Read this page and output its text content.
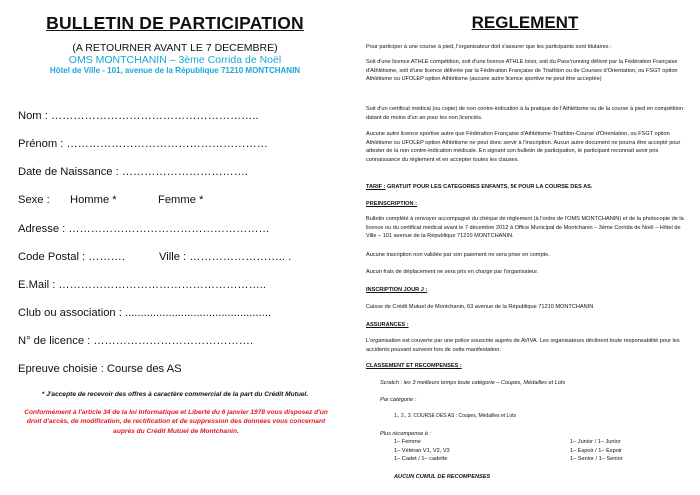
BULLETIN DE PARTICIPATION
(A RETOURNER AVANT LE 7 DECEMBRE)
OMS MONTCHANIN – 3ème Corrida de Noël
Hôtel de Ville - 101, avenue de la République 71210 MONTCHANIN
Nom : ………………………………………………..
Prénom : ………………………………………………
Date de Naissance : …………………………….
Sexe : Homme *	Femme *
Adresse : ………………………………………………
Code Postal : ……….	Ville : …………………….. .
E.Mail : ………………………………………………..
Club ou association : ...............................................
N° de licence : …………………………………….
Epreuve choisie : Course des AS
* J'accepte de recevoir des offres à caractère commercial de la part du Crédit Mutuel.
Conformément à l'article 34 de la loi Informatique et Liberté du 6 janvier 1978 vous disposez d'un droit d'accès, de modification, de rectification et de suppression des données vous concernant auprès du Crédit Mutuel de Montchanin.
REGLEMENT
Pour participer à une course à pied, l'organisateur doit s'assurer que les participants sont titulaires :
Soit d'une licence ATHLE compétition, soit d'une licence ATHLE loisir, soit du Pass'running délivré par la Fédération Française d'Athlétisme, soit d'une licence délivrée par la Fédération Française de Triathlon ou de Courses d'Orientation, ou FSGT option Athlétisme ou UFOLEP option Athlétisme (aucune autre licence sportive ne peut être acceptée)
Soit d'un certificat médical (ou copie) de non contre-indication à la pratique de l'Athlétisme ou de la course à pied en compétition datant de moins d'un an pour les non licenciés.
Aucune autre licence sportive autre que Fédération Française d'Athlétisme-Triathlon-Course d'Orientation, ou FSGT option Athlétisme ou UFOLEP option Athlétisme ne peut donc servir à l'inscription. Aucun autre document ne pourra être accepté pour attester de la non contre-indication médicale. En signant son bulletin de participation, le participant reconnait avoir pris connaissance du règlement et en accepter toutes les clauses.
TARIF : GRATUIT POUR LES CATEGORIES ENFANTS, 5€ POUR LA COURSE DES AS.
PREINSCRIPTION :
Bulletin complété à renvoyer accompagné du chèque de règlement (à l'ordre de l'OMS MONTCHANIN) et de la photocopie de la licence ou du certificat médical avant le 7 décembre 2012 à Office Municipal de Montchanin – 3ème Corrida de Noël – Hôtel de Ville – 101 avenue de la République 71210 MONTCHANIN.
Aucune inscription non validée par son paiement ne sera prise en compte.
Aucun frais de déplacement ne sera pris en charge par l'organisateur.
INSCRIPTION JOUR J :
Caisse de Crédit Mutuel de Montchanin, 63 avenue de la République 71210 MONTCHANIN
ASSURANCES :
L'organisation est couverte par une police souscrite auprès de AVIVA. Les organisateurs déclinent toute responsabilité pour les accidents pouvant survenir lors de cette manifestation.
CLASSEMENT ET RECOMPENSES :
Scratch : les 3 meilleurs temps toute catégorie – Coupes, Médailles et Lots
Par catégorie :
1., 2., 3. COURSE DES AS : Coupes, Médailles et Lots
Plus récompense à :
1– Femme
1– Vétéran V1, V2, V3
1– Cadet / 1– cadette
1– Junior / 1– Junior
1– Espoir / 1– Espoir
1– Senior / 1– Senior
AUCUN CUMUL DE RECOMPENSES
